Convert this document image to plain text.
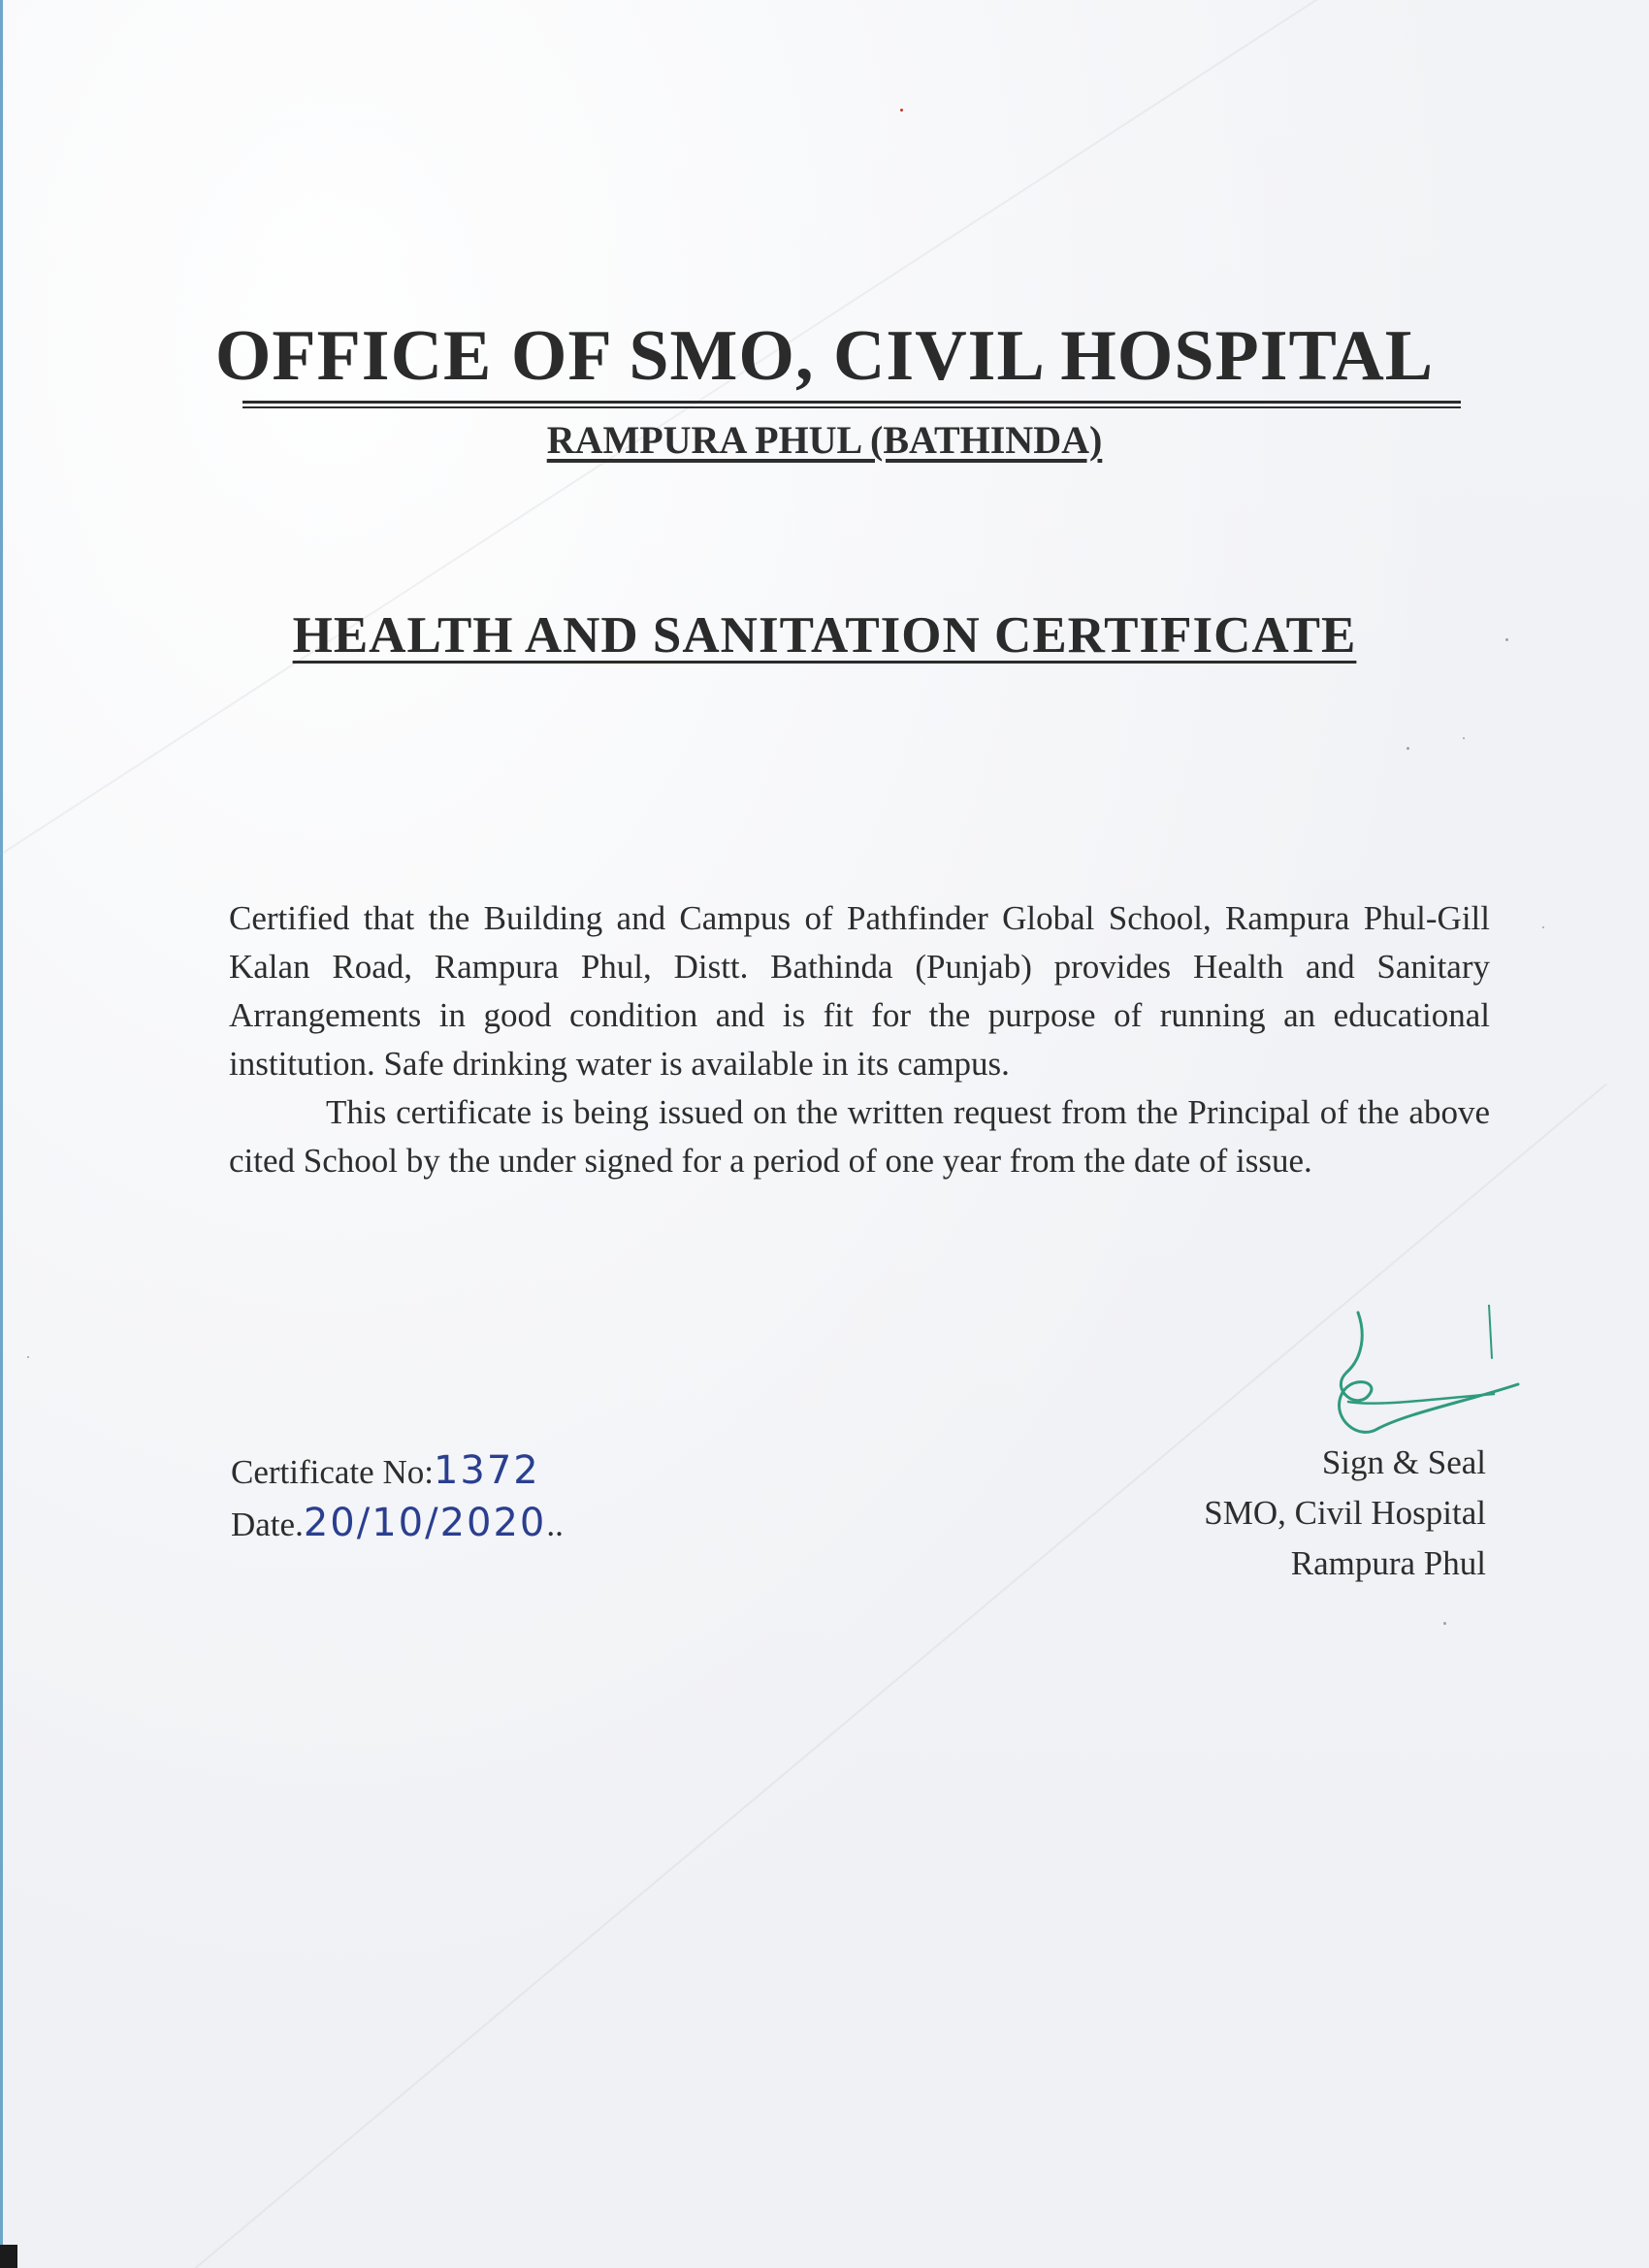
OFFICE OF SMO, CIVIL HOSPITAL
RAMPURA PHUL (BATHINDA)
HEALTH AND SANITATION CERTIFICATE

Certified that the Building and Campus of Pathfinder Global School, Rampura Phul-Gill Kalan Road, Rampura Phul, Distt. Bathinda (Punjab) provides Health and Sanitary Arrangements in good condition and is fit for the purpose of running an educational institution. Safe drinking water is available in its campus.

This certificate is being issued on the written request from the Principal of the above cited School by the under signed for a period of one year from the date of issue.

Certificate No:1372
Date.20/10/2020..
Sign & Seal
SMO, Civil Hospital
Rampura Phul
